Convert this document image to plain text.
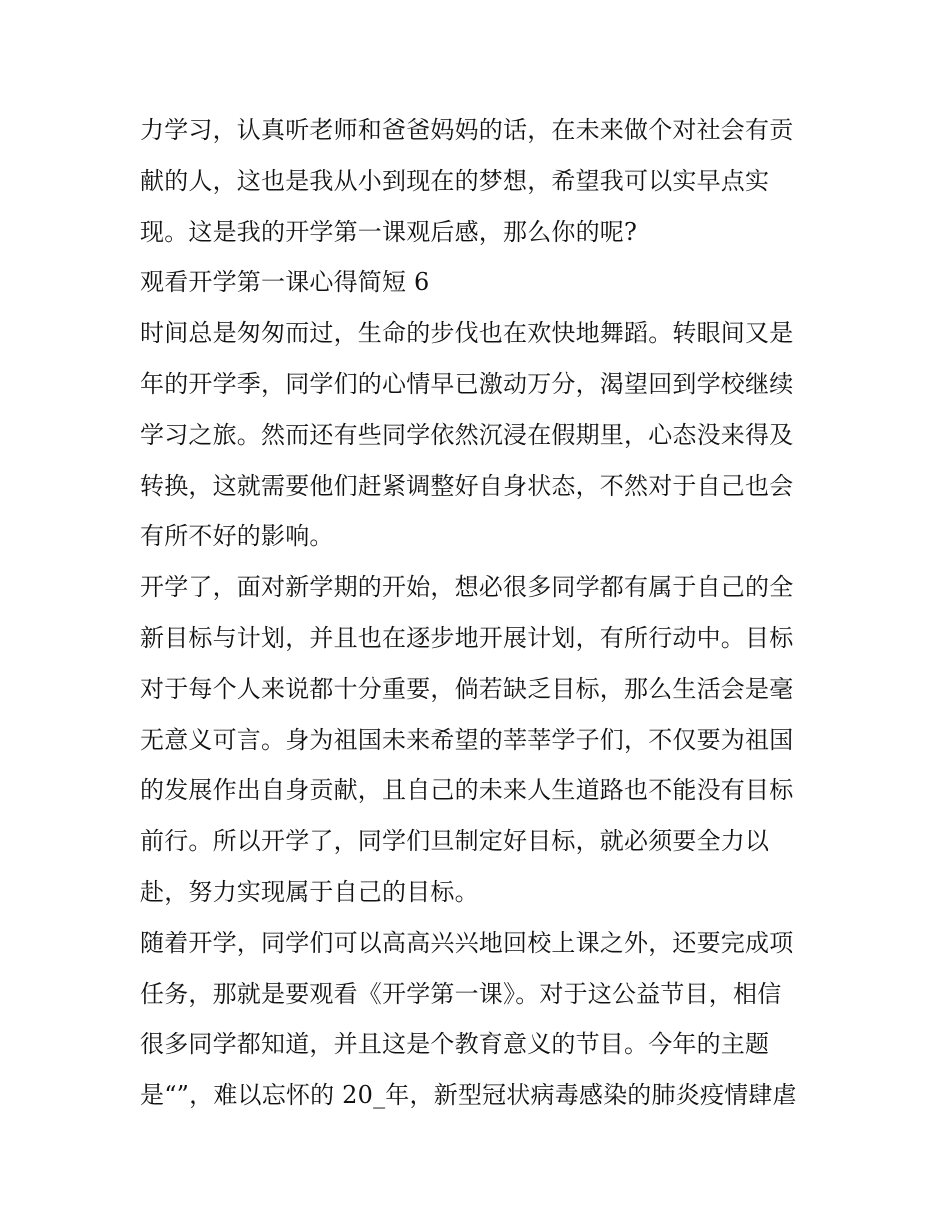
力学习，认真听老师和爸爸妈妈的话，在未来做个对社会有贡
献的人，这也是我从小到现在的梦想，希望我可以实早点实
现。这是我的开学第一课观后感，那么你的呢?
观看开学第一课心得简短 6
时间总是匆匆而过，生命的步伐也在欢快地舞蹈。转眼间又是
年的开学季，同学们的心情早已激动万分，渴望回到学校继续
学习之旅。然而还有些同学依然沉浸在假期里，心态没来得及
转换，这就需要他们赶紧调整好自身状态，不然对于自己也会
有所不好的影响。
开学了，面对新学期的开始，想必很多同学都有属于自己的全
新目标与计划，并且也在逐步地开展计划，有所行动中。目标
对于每个人来说都十分重要，倘若缺乏目标，那么生活会是毫
无意义可言。身为祖国未来希望的莘莘学子们，不仅要为祖国
的发展作出自身贡献，且自己的未来人生道路也不能没有目标
前行。所以开学了，同学们旦制定好目标，就必须要全力以
赴，努力实现属于自己的目标。
随着开学，同学们可以高高兴兴地回校上课之外，还要完成项
任务，那就是要观看《开学第一课》。对于这公益节目，相信
很多同学都知道，并且这是个教育意义的节目。今年的主题
是“”，难以忘怀的 20_年，新型冠状病毒感染的肺炎疫情肆虐
